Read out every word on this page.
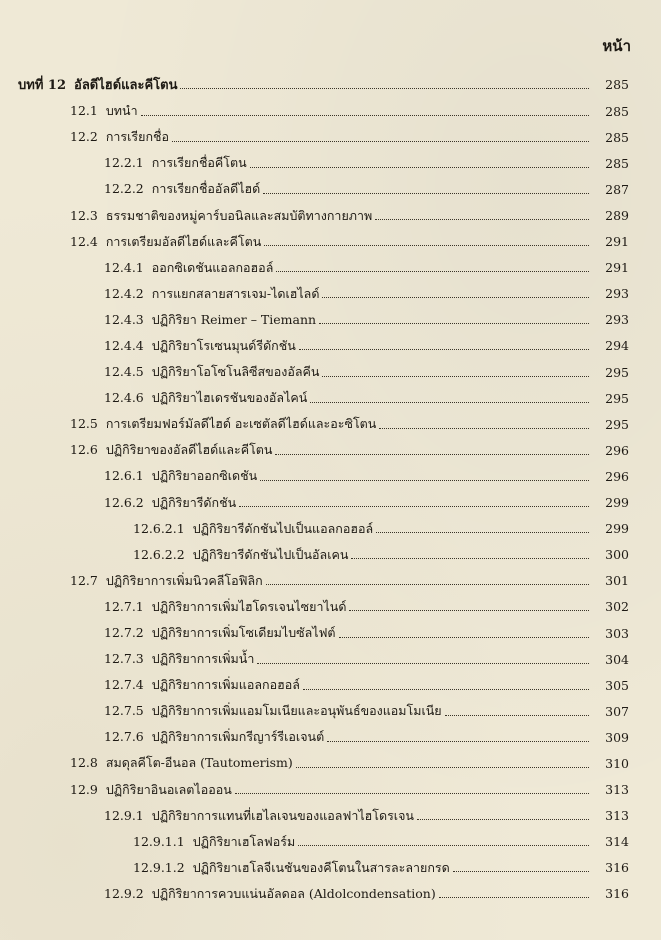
หน้า
บทที่ 12 อัลดีไฮด์และคีโตน	285
12.1 บทนำ	285
12.2 การเรียกชื่อ	285
12.2.1 การเรียกชื่อคีโตน	285
12.2.2 การเรียกชื่ออัลดีไฮด์	287
12.3 ธรรมชาติของหมู่คาร์บอนิลและสมบัติทางกายภาพ	289
12.4 การเตรียมอัลดีไฮด์และคีโตน	291
12.4.1 ออกซิเดชันแอลกอฮอล์	291
12.4.2 การแยกสลายสารเจม-ไดเฮไลด์	293
12.4.3 ปฏิกิริยา Reimer – Tiemann	293
12.4.4 ปฏิกิริยาโรเซนมุนด์รีดักชัน	294
12.4.5 ปฏิกิริยาโอโซโนลิซีสของอัลคีน	295
12.4.6 ปฏิกิริยาไฮเดรชันของอัลไคน์	295
12.5 การเตรียมฟอร์มัลดีไฮด์ อะเซตัลดีไฮด์และอะซิโตน	295
12.6 ปฏิกิริยาของอัลดีไฮด์และคีโตน	296
12.6.1 ปฏิกิริยาออกซิเดชัน	296
12.6.2 ปฏิกิริยารีดักชัน	299
12.6.2.1 ปฏิกิริยารีดักชันไปเป็นแอลกอฮอล์	299
12.6.2.2 ปฏิกิริยารีดักชันไปเป็นอัลเคน	300
12.7 ปฏิกิริยาการเพิ่มนิวคลีโอฟิลิก	301
12.7.1 ปฏิกิริยาการเพิ่มไฮโดรเจนไซยาไนด์	302
12.7.2 ปฏิกิริยาการเพิ่มโซเดียมไบซัลไฟต์	303
12.7.3 ปฏิกิริยาการเพิ่มน้ำ	304
12.7.4 ปฏิกิริยาการเพิ่มแอลกอฮอล์	305
12.7.5 ปฏิกิริยาการเพิ่มแอมโมเนียและอนุพันธ์ของแอมโมเนีย	307
12.7.6 ปฏิกิริยาการเพิ่มกรีญาร์รีเอเจนต์	309
12.8 สมดุลคีโต-อีนอล (Tautomerism)	310
12.9 ปฏิกิริยาอินอเลตไอออน	313
12.9.1 ปฏิกิริยาการแทนที่เฮไลเจนของแอลฟาไฮโดรเจน	313
12.9.1.1 ปฏิกิริยาเฮโลฟอร์ม	314
12.9.1.2 ปฏิกิริยาเฮโลจีเนชันของคีโตนในสารละลายกรด	316
12.9.2 ปฏิกิริยาการควบแน่นอัลดอล (Aldolcondensation)	316
